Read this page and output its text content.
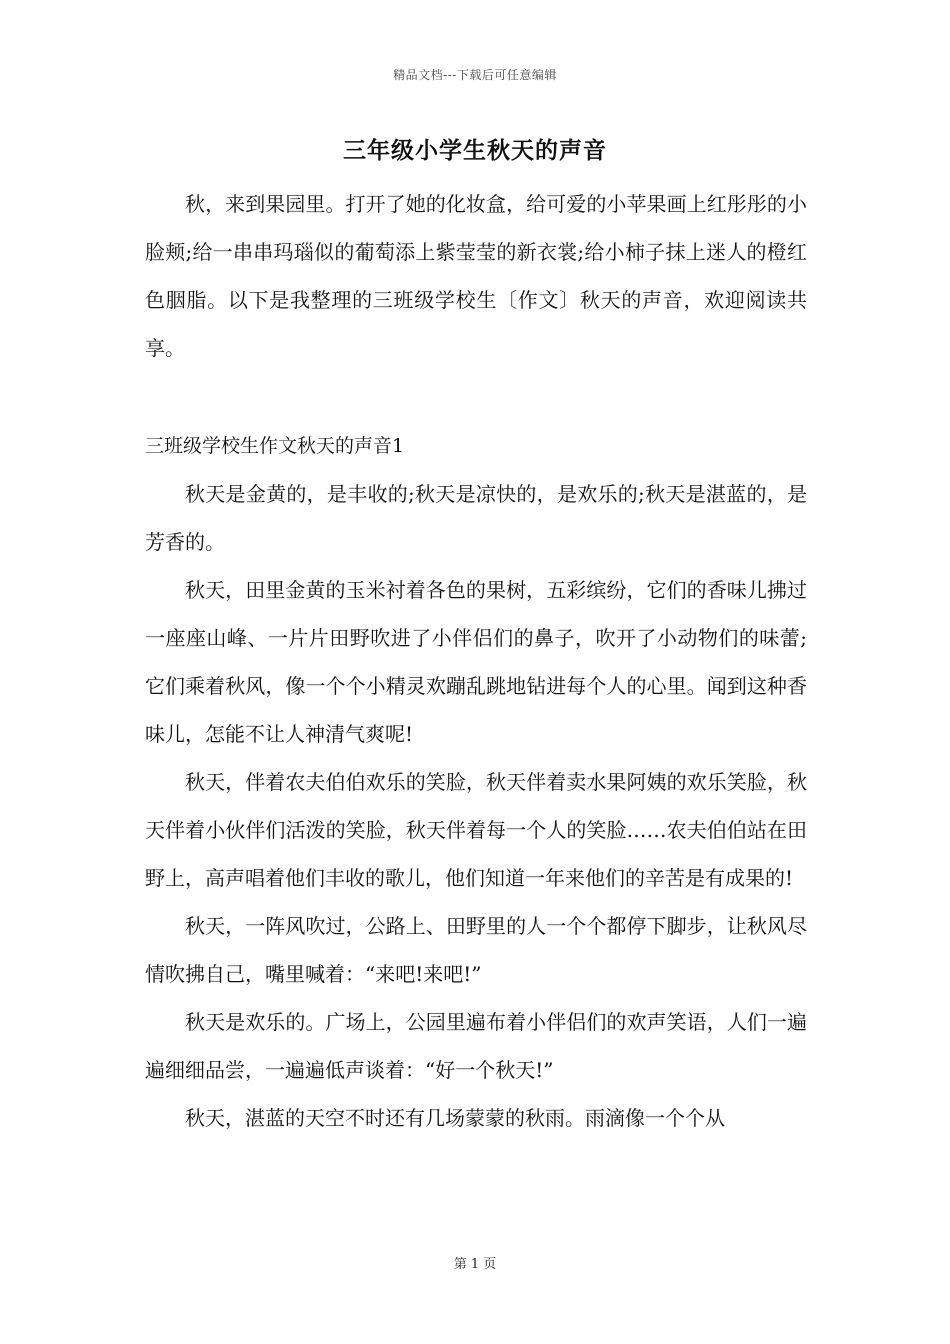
精品文档---下载后可任意编辑
三年级小学生秋天的声音

秋，来到果园里。打开了她的化妆盒，给可爱的小苹果画上红彤彤的小脸颊;给一串串玛瑙似的葡萄添上紫莹莹的新衣裳;给小柿子抹上迷人的橙红色胭脂。以下是我整理的三班级学校生〔作文〕秋天的声音，欢迎阅读共享。

三班级学校生作文秋天的声音1

秋天是金黄的，是丰收的;秋天是凉快的，是欢乐的;秋天是湛蓝的，是芳香的。

秋天，田里金黄的玉米衬着各色的果树，五彩缤纷，它们的香味儿拂过一座座山峰、一片片田野吹进了小伴侣们的鼻子，吹开了小动物们的味蕾;它们乘着秋风，像一个个小精灵欢蹦乱跳地钻进每个人的心里。闻到这种香味儿，怎能不让人神清气爽呢!

秋天，伴着农夫伯伯欢乐的笑脸，秋天伴着卖水果阿姨的欢乐笑脸，秋天伴着小伙伴们活泼的笑脸，秋天伴着每一个人的笑脸……农夫伯伯站在田野上，高声唱着他们丰收的歌儿，他们知道一年来他们的辛苦是有成果的!

秋天，一阵风吹过，公路上、田野里的人一个个都停下脚步，让秋风尽情吹拂自己，嘴里喊着：“来吧!来吧!”

秋天是欢乐的。广场上，公园里遍布着小伴侣们的欢声笑语，人们一遍遍细细品尝，一遍遍低声谈着：“好一个秋天!”

秋天，湛蓝的天空不时还有几场蒙蒙的秋雨。雨滴像一个个从

第 1 页
